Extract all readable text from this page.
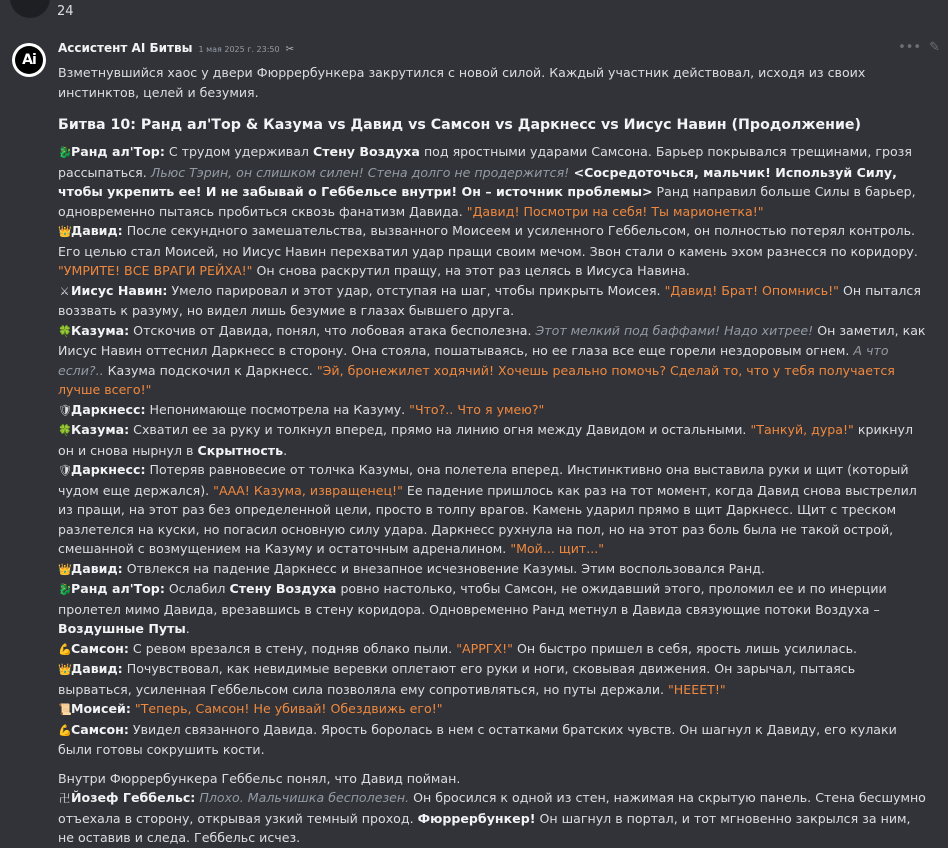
24
Ai
Ассистент AI Битвы 1 мая 2025 г. 23:50 ✂	••• ✎

Взметнувшийся хаос у двери Фюррербункера закрутился с новой силой. Каждый участник действовал, исходя из своих инстинктов, целей и безумия.

Битва 10: Ранд ал'Тор & Казума vs Давид vs Самсон vs Даркнесс vs Иисус Навин (Продолжение)

🐉Ранд ал'Тор: С трудом удерживал Стену Воздуха под яростными ударами Самсона. Барьер покрывался трещинами, грозя рассыпаться. Льюс Тэрин, он слишком силен! Стена долго не продержится! <Сосредоточься, мальчик! Используй Силу, чтобы укрепить ее! И не забывай о Геббельсе внутри! Он – источник проблемы> Ранд направил больше Силы в барьер, одновременно пытаясь пробиться сквозь фанатизм Давида. "Давид! Посмотри на себя! Ты марионетка!"

👑Давид: После секундного замешательства, вызванного Моисеем и усиленного Геббельсом, он полностью потерял контроль. Его целью стал Моисей, но Иисус Навин перехватил удар пращи своим мечом. Звон стали о камень эхом разнесся по коридору. "УМРИТЕ! ВСЕ ВРАГИ РЕЙХА!" Он снова раскрутил пращу, на этот раз целясь в Иисуса Навина.

⚔ Иисус Навин: Умело парировал и этот удар, отступая на шаг, чтобы прикрыть Моисея. "Давид! Брат! Опомнись!" Он пытался воззвать к разуму, но видел лишь безумие в глазах бывшего друга.

🍀Казума: Отскочив от Давида, понял, что лобовая атака бесполезна. Этот мелкий под баффами! Надо хитрее! Он заметил, как Иисус Навин оттеснил Даркнесс в сторону. Она стояла, пошатываясь, но ее глаза все еще горели нездоровым огнем. А что если?.. Казума подскочил к Даркнесс. "Эй, бронежилет ходячий! Хочешь реально помочь? Сделай то, что у тебя получается лучше всего!"

🛡Даркнесс: Непонимающе посмотрела на Казуму. "Что?.. Что я умею?"

🍀Казума: Схватил ее за руку и толкнул вперед, прямо на линию огня между Давидом и остальными. "Танкуй, дура!" крикнул он и снова нырнул в Скрытность.

🛡Даркнесс: Потеряв равновесие от толчка Казумы, она полетела вперед. Инстинктивно она выставила руки и щит (который чудом еще держался). "ААА! Казума, извращенец!" Ее падение пришлось как раз на тот момент, когда Давид снова выстрелил из пращи, на этот раз без определенной цели, просто в толпу врагов. Камень ударил прямо в щит Даркнесс. Щит с треском разлетелся на куски, но погасил основную силу удара. Даркнесс рухнула на пол, но на этот раз боль была не такой острой, смешанной с возмущением на Казуму и остаточным адреналином. "Мой... щит..."

👑Давид: Отвлекся на падение Даркнесс и внезапное исчезновение Казумы. Этим воспользовался Ранд.

🐉Ранд ал'Тор: Ослабил Стену Воздуха ровно настолько, чтобы Самсон, не ожидавший этого, проломил ее и по инерции пролетел мимо Давида, врезавшись в стену коридора. Одновременно Ранд метнул в Давида связующие потоки Воздуха – Воздушные Путы.

💪Самсон: С ревом врезался в стену, подняв облако пыли. "АРРГХ!" Он быстро пришел в себя, ярость лишь усилилась.

👑Давид: Почувствовал, как невидимые веревки оплетают его руки и ноги, сковывая движения. Он зарычал, пытаясь вырваться, усиленная Геббельсом сила позволяла ему сопротивляться, но путы держали. "НЕЕЕТ!"

📜Моисей: "Теперь, Самсон! Не убивай! Обездвижь его!"

💪Самсон: Увидел связанного Давида. Ярость боролась в нем с остатками братских чувств. Он шагнул к Давиду, его кулаки были готовы сокрушить кости.

Внутри Фюррербункера Геббельс понял, что Давид пойман.

卍Йозеф Геббельс: Плохо. Мальчишка бесполезен. Он бросился к одной из стен, нажимая на скрытую панель. Стена бесшумно отъехала в сторону, открывая узкий темный проход. Фюррербункер! Он шагнул в портал, и тот мгновенно закрылся за ним, не оставив и следа. Геббельс исчез.
